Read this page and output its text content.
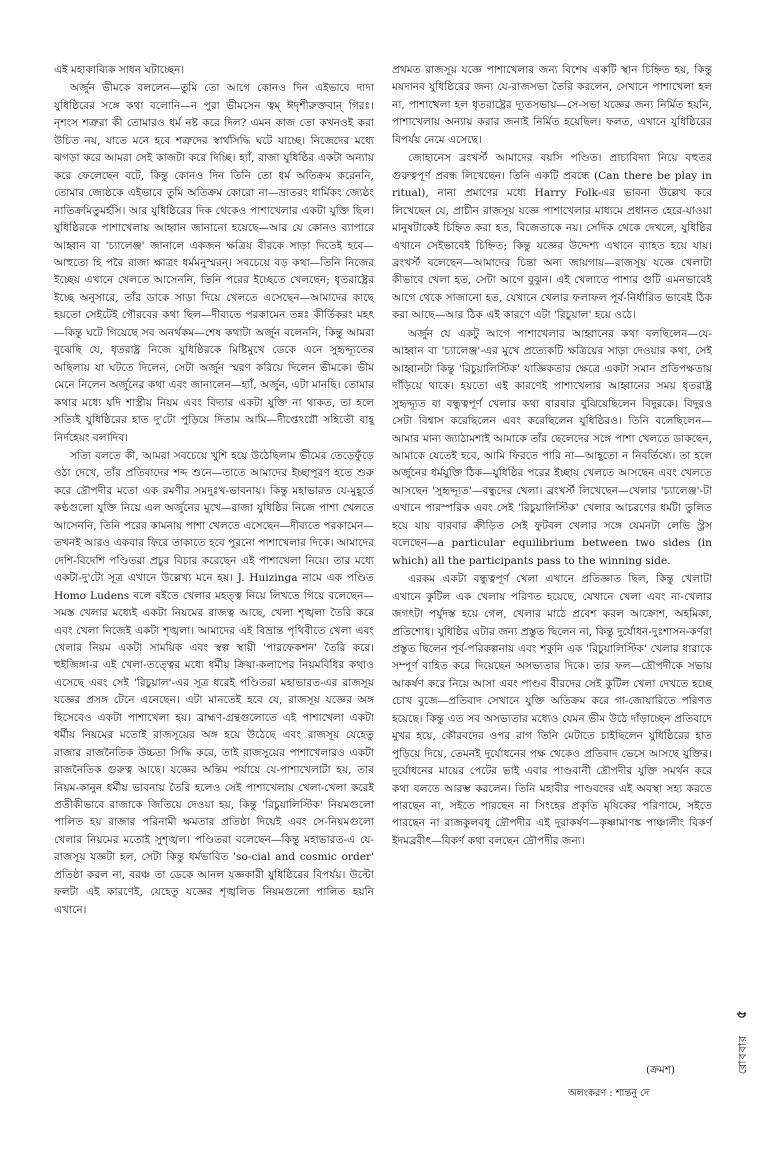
এই মহাকাব্যিক সাধন ঘটাচ্ছেন।

অর্জুন ভীমকে বললেন—তুমি তো আগে কোনও দিন এইভাবে দাদা যুধিষ্ঠিরের সঙ্গে কথা বলোনি—ন পুরা ভীমসেন ত্বম্ ঈদৃশীরুক্তবান্ গিরঃ। নৃশংস শত্রুরা কী তোমারও ধর্ম নষ্ট করে দিল? এমন কাজ তো কখনওই করা উচিত নয়, যাতে মনে হবে শত্রুদের স্বার্থসিদ্ধি ঘটে যাচ্ছে। নিজেদের মধ্যে ঝগড়া করে আমরা সেই কাজটা করে দিচ্ছি। হ্যাঁ, রাজা যুধিষ্ঠির একটা অন্যায় করে ফেলেছেন বটে, কিন্তু কোনও দিন তিনি তো ধর্ম অতিক্রম করেননি, তোমার জ্যেষ্ঠকে এইভাবে তুমি অতিক্রম কোরো না—ভ্রাতরং ধার্মিকং জ্যেষ্ঠং নাতিক্রমিতুমর্হসি। আর যুধিষ্ঠিরের দিক থেকেও পাশাখেলার একটা যুক্তি ছিল। যুধিষ্ঠিরকে পাশাখেলায় আহ্বান জানানো হয়েছে—আর যে কোনও ব্যাপারে আহ্বান বা 'চ্যালেঞ্জ' জানালে একজন ক্ষত্রিয় বীরকে সাড়া দিতেই হবে—আহুতো হি পরৈ রাজা ক্ষাত্রং ধর্মমনুস্মরন্। সবচেয়ে বড় কথা—তিনি নিজের ইচ্ছেয় এখানে খেলতে আসেননি, তিনি পরের ইচ্ছেতে খেলছেন; ধৃতরাষ্ট্রের ইচ্ছে অনুসারে, তাঁর ডাকে সাড়া দিয়ে খেলতে এসেছেন—আমাদের কাছে হয়তো সেইটেই গৌরবের কথা ছিল—দীব্যতে পরকামেন তন্নঃ কীর্তিকরং মহৎ—কিন্তু ঘটে গিয়েছে সব অনর্থকম—শেষ কথাটা অর্জুন বলেননি, কিন্তু আমরা বুঝেছি যে, ধৃতরাষ্ট্র নিজে যুধিষ্ঠিরকে মিষ্টিমুখে ডেকে এনে সুহৃদ্দ্যূতের অছিলায় যা ঘটতে দিলেন, সেটা অর্জুন স্মরণ করিয়ে দিলেন ভীমকে। ভীম মেনে নিলেন অর্জুনের কথা এবং জানালেন—হ্যাঁ, অর্জুন, এটা মানছি। তোমার কথার মধ্যে যদি শাস্ত্রীয় নিয়ম এবং বিদ্যার একটা যুক্তি না থাকত, তা হলে সত্যিই যুধিষ্ঠিরের হাত দু'টো পুড়িয়ে দিতাম আমি—দীপ্তেঽগ্নৌ সহিতৌ বাহূ নির্দহেয়ং বলাদিব।

সত্যি বলতে কী, আমরা সবচেয়ে খুশি হয়ে উঠেছিলাম ভীমের তেড়েফুঁড়ে ওঠা দেখে, তাঁর প্রতিবাদের শব্দ শুনে—তাতে আমাদের ইচ্ছাপূরণ হতে শুরু করে দ্রৌপদীর মতো এক রমণীর সমদুঃখ-ভাবনায়। কিন্তু মহাভারত যে-মুহূর্তে কণ্ঠগুলো যুক্তি নিয়ে এল অর্জুনের মুখে—রাজা যুধিষ্ঠির নিজে পাশা খেলতে আসেননি, তিনি পরের কামনায় পাশা খেলতে এসেছেন—দীব্যতে পরকামেন—তখনই আরও একবার ফিরে তাকাতে হবে পুরনো পাশাখেলার দিকে। আমাদের দেশি-বিদেশি পণ্ডিতরা প্রচুর বিচার করেছেন এই পাশাখেলা নিয়ে। তার মধ্যে একটা-দু'টো সূত্র এখানে উল্লেখ্য মনে হয়। J. Huizinga নামে এক পণ্ডিত Homo Ludens বলে বইতে খেলার মহত্ত্ব নিয়ে লিখতে গিয়ে বলেছেন—সমস্ত খেলার মধ্যেই একটা নিয়মের রাজত্ব আছে, খেলা শৃঙ্খলা তৈরি করে এবং খেলা নিজেই একটা শৃঙ্খলা। আমাদের এই বিভ্রান্ত পৃথিবীতে খেলা এবং খেলার নিয়ম একটা সাময়িক এবং স্বল্প স্থায়ী 'পারফেকশন' তৈরি করে। হুইজিঙ্গা-র এই খেলা-তত্ত্বের মধ্যে ধর্মীয় ক্রিয়া-কলাপের নিয়মবিধির কথাও এসেছে এবং সেই 'রিচুয়াল'-এর সূত্র ধরেই পণ্ডিতরা মহাভারত-এর রাজসূয় যজ্ঞের প্রসঙ্গ টেনে এনেছেন। এটা মানতেই হবে যে, রাজসূয় যজ্ঞের অঙ্গ হিসেবেও একটা পাশাখেলা হয়। ব্রাহ্মণ-গ্রন্থগুলোতে এই পাশাখেলা একটা ধর্মীয় নিয়মের মতোই রাজসূয়ের অঙ্গ হয়ে উঠেছে এবং রাজসূয় যেহেতু রাজার রাজনৈতিক উচ্চতা সিদ্ধি করে, তাই রাজসূয়ের পাশাখেলারও একটা রাজনৈতিক গুরুত্ব আছে। যজ্ঞের অন্তিম পর্যায়ে যে-পাশাখেলাটা হয়, তার নিয়ম-কানুন ধর্মীয় ভাবনায় তৈরি হলেও সেই পাশাখেলায় খেলা-খেলা করেই প্রতীকীভাবে রাজাকে জিতিয়ে দেওয়া হয়, কিন্তু 'রিচুয়ালিস্টিক' নিয়মগুলো পালিত হয় রাজার পরিনামী ক্ষমতার প্রতিষ্ঠা দিয়েই এবং সে-নিয়মগুলো খেলার নিয়মের মতোই সুশৃঙ্খল। পণ্ডিতরা বলেছেন—কিন্তু মহাভারত-এ যে-রাজসূয় যজ্ঞটা হল, সেটা কিন্তু ধর্মভাবিত 'so-cial and cosmic order' প্রতিষ্ঠা করল না, বরঞ্চ তা ডেকে আনল যজ্ঞকারী যুধিষ্ঠিরের বিপর্যয়। উল্টো ফলটা এই কারণেই, যেহেতু যজ্ঞের শৃঙ্খলিত নিয়মগুলো পালিত হয়নি এখানে।

প্রথমত রাজসূয় যজ্ঞে পাশাখেলার জন্য বিশেষ একটি স্থান চিহ্নিত হয়, কিন্তু ময়দানব যুধিষ্ঠিরের জন্য যে-রাজসভা তৈরি করলেন, সেখানে পাশাখেলা হল না, পাশাখেলা হল ধৃতরাষ্ট্রের দ্যূতসভায়—সে-সভা যজ্ঞের জন্য নির্মিত হয়নি, পাশাখেলায় অন্যায় করার জন্যই নির্মিত হয়েছিল। ফলত, এখানে যুধিষ্ঠিরের বিপর্যয় নেমে এসেছে।

জোহানেস ব্রংখর্স্ট আমাদের বয়সি পণ্ডিত। প্রাচ্যবিদ্যা নিয়ে বহুতর গুরুত্বপূর্ণ প্রবন্ধ লিখেছেন। তিনি একটি প্রবন্ধে (Can there be play in ritual), নানা প্রমাণের মধ্যে Harry Folk-এর ভাবনা উল্লেখ করে লিখেছেন যে, প্রাচীন রাজসূয় যজ্ঞে পাশাখেলার মাধ্যমে প্রধানত হেরে-যাওয়া মানুষটাকেই চিহ্নিত করা হত, বিজেতাকে নয়। সেদিক থেকে দেখলে, যুধিষ্ঠির এখানে সেইভাবেই চিহ্নিত; কিন্তু যজ্ঞের উদ্দেশ্য এখানে ব্যাহত হয়ে যায়। ব্রংখর্স্ট বলেছেন—আমাদের চিন্তা অন্য জায়গায়—রাজসূয় যজ্ঞে খেলাটা কীভাবে খেলা হত, সেটা আগে বুঝুন। এই খেলাতে পাশার গুটি এমনভাবেই আগে থেকে সাজানো হত, যেখানে খেলার ফলাফল পূর্ব-নির্ধারিত ভাবেই ঠিক করা আছে—আর ঠিক এই কারণে এটা 'রিচুয়াল' হয়ে ওঠে।

অর্জুন যে একটু আগে পাশাখেলার আহ্বানের কথা বলছিলেন—যে-আহ্বান বা 'চ্যালেঞ্জ'-এর মুখে প্রত্যেকটি ক্ষত্রিয়ের সাড়া দেওয়ার কথা, সেই আহ্বানটা কিন্তু 'রিচুয়ালিস্টিক' যাজ্ঞিকতার ক্ষেত্রে একটা সমান প্রতিপক্ষতায় দাঁড়িয়ে থাকে। হয়তো এই কারণেই পাশাখেলার আহ্বানের সময় ধৃতরাষ্ট্র সুহৃদ্দ্যূত বা বন্ধুত্বপূর্ণ খেলার কথা বারবার বুঝিয়েছিলেন বিদুরকে। বিদুরও সেটা বিশ্বাস করেছিলেন এবং করেছিলেন যুধিষ্ঠিরও। তিনি বলেছিলেন—আমার মান্য জ্যাঠামশাই আমাকে তাঁর ছেলেদের সঙ্গে পাশা খেলতে ডাকছেন, আমাকে যেতেই হবে, আমি ফিরতে পারি না—আহূতো ন নিবর্তিষ্যে। তা হলে অর্জুনের ধর্মযুক্তি ঠিক—যুধিষ্ঠির পরের ইচ্ছায় খেলতে আসছেন এবং খেলতে আসছেন 'সুহৃদ্দ্যূত'—বন্ধুদের খেলা। ব্রংখর্স্ট লিখেছেন—খেলার 'চ্যালেঞ্জ'-টা এখানে পারস্পরিক এবং সেই 'রিচুয়ালিস্টিক' খেলার আচরণের ধর্মটা তুলিত হয়ে যায় বারবার ক্রীড়িত সেই ফুটবল খেলার সঙ্গে যেমনটা লেভি স্ট্রস বলেছেন—a particular equilibrium between two sides (in which) all the participants pass to the winning side.

এরকম একটা বন্ধুত্বপূর্ণ খেলা এখানে প্রতিজ্ঞাত ছিল, কিন্তু খেলাটা এখানে কুটিল এক খেলায় পরিণত হয়েছে, যেখানে খেলা এবং না-খেলার জগৎটা পর্যুদস্ত হয়ে গেল, খেলার মাঠে প্রবেশ করল আক্রোশ, অহমিকা, প্রতিশোধ। যুধিষ্ঠির এটার জন্য প্রস্তুত ছিলেন না, কিন্তু দুর্যোধন-দুঃশাসন-কর্ণরা প্রস্তুত ছিলেন পূর্ব-পরিকল্পনায় এবং শকুনি এক 'রিচুয়ালিস্টিক' খেলার ধারাকে সম্পূর্ণ বাহিত করে দিয়েছেন অসভ্যতার দিকে। তার ফল—দ্রৌপদীকে সভায় আকর্ষণ করে নিয়ে আসা এবং পাণ্ডব বীরদের সেই কুটিল খেলা দেখতে হচ্ছে চোখ বুজে—প্রতিবাদ সেখানে যুক্তি অতিক্রম করে গা-জোয়ারিতে পরিণত হয়েছে। কিন্তু এত সব অসভ্যতার মধ্যেও যেমন ভীম উঠে দাঁড়াচ্ছেন প্রতিবাদে মুখর হয়ে, কৌরবদের ওপর রাগ তিনি মেটাতে চাইছিলেন যুধিষ্ঠিরের হাত পুড়িয়ে দিয়ে, তেমনই দুর্যোধনের পক্ষ থেকেও প্রতিবাদ ভেসে আসছে যুক্তির। দুর্যোধনের মায়ের পেটের ভাই এবার পাণ্ডবানী দ্রৌপদীর যুক্তি সমর্থন করে কথা বলতে আরম্ভ করলেন। তিনি মহাবীর পাণ্ডবদের এই অবস্থা সহ্য করতে পারছেন না, সইতে পারছেন না সিংহের প্রকৃতি মৃষিকের পরিণামে, সইতে পারছেন না রাজকুলবধূ দ্রৌপদীর এই দুরাকর্ষণ—কৃষ্ণামাণঙ্ক পাঞ্চালীং বিকর্ণ ইদমব্রবীৎ—বিকর্ণ কথা বলছেন দ্রৌপদীর জন্য।

(ক্রমশ)
অলংকরণ : শান্তনু দে
৫
রোববার
